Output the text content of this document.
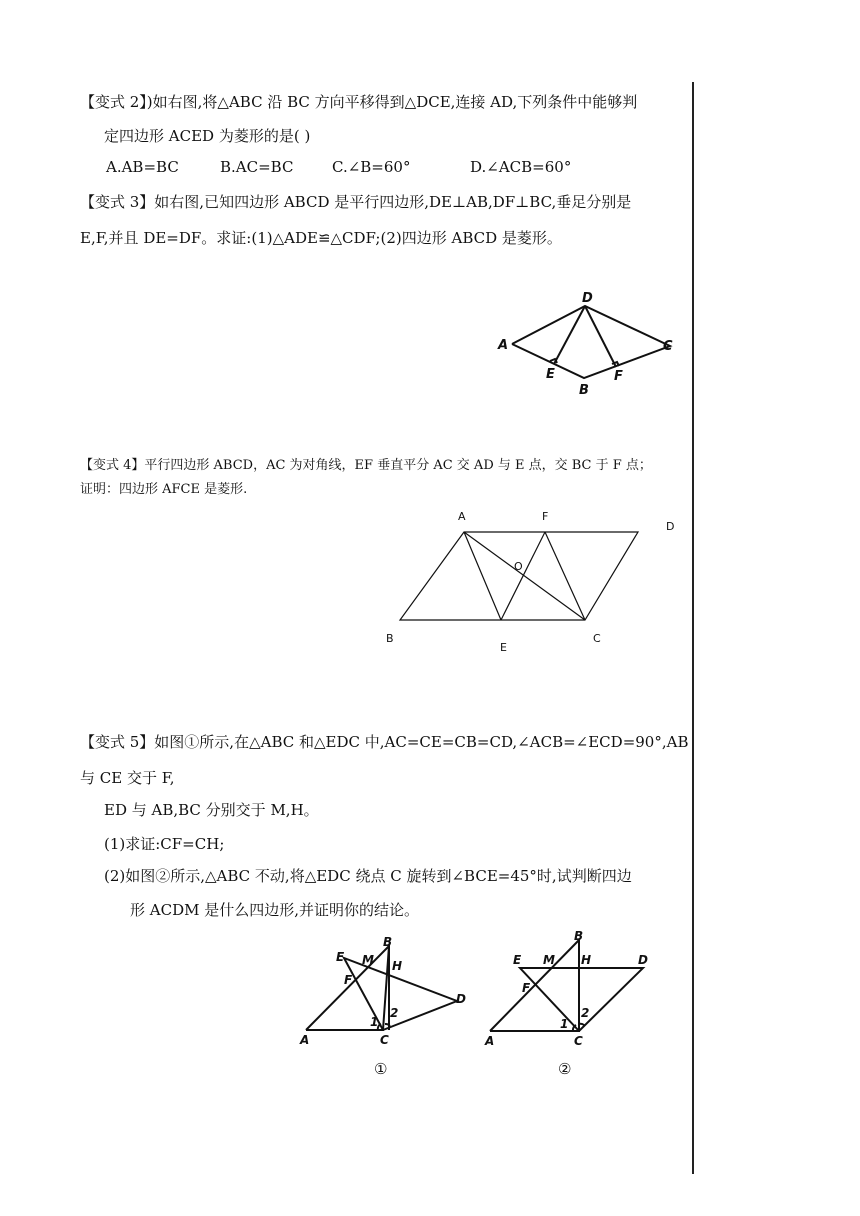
【变式 2】)如右图,将△ABC 沿 BC 方向平移得到△DCE,连接 AD,下列条件中能够判
定四边形 ACED 为菱形的是( )
A.AB=BC	B.AC=BC	C.∠B=60°	D.∠ACB=60°
【变式 3】如右图,已知四边形 ABCD 是平行四边形,DE⊥AB,DF⊥BC,垂足分别是
E,F,并且 DE=DF。求证:(1)△ADE≌△CDF;(2)四边形 ABCD 是菱形。
A
D
C
E	F
B
【变式 4】平行四边形 ABCD，AC 为对角线，EF 垂直平分 AC 交 AD 与 E 点，交 BC 于 F 点；
证明：四边形 AFCE 是菱形.
A	F
D
O
B	C
E
【变式 5】如图①所示,在△ABC 和△EDC 中,AC=CE=CB=CD,∠ACB=∠ECD=90°,AB
与 CE 交于 F,
ED 与 AB,BC 分别交于 M,H。
(1)求证:CF=CH;
(2)如图②所示,△ABC 不动,将△EDC 绕点 C 旋转到∠BCE=45°时,试判断四边
形 ACDM 是什么四边形,并证明你的结论。
A
B
C
D
E
F
H
M
1
2
①
A
B
C
D
E
F
H
M
1
2
②
